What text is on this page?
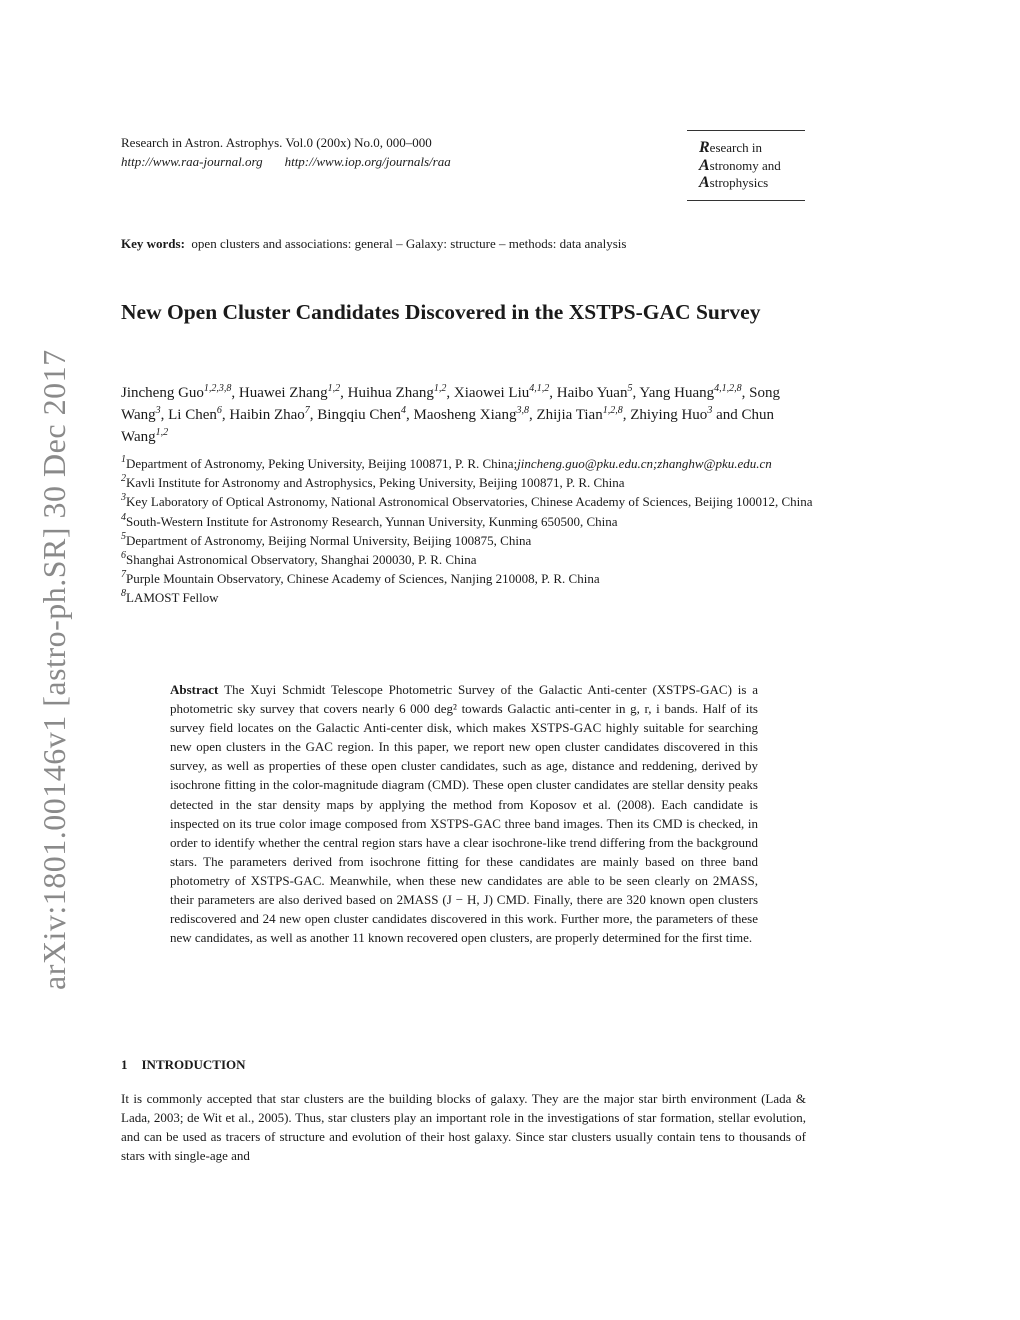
arXiv:1801.00146v1 [astro-ph.SR] 30 Dec 2017
Research in Astron. Astrophys. Vol.0 (200x) No.0, 000–000
http://www.raa-journal.org http://www.iop.org/journals/raa
Research in
Astronomy and
Astrophysics
Key words: open clusters and associations: general – Galaxy: structure – methods: data analysis
New Open Cluster Candidates Discovered in the XSTPS-GAC Survey
Jincheng Guo$^{1,2,3,8}$, Huawei Zhang$^{1,2}$, Huihua Zhang$^{1,2}$, Xiaowei Liu$^{4,1,2}$, Haibo Yuan$^5$, Yang Huang$^{4,1,2,8}$, Song Wang$^3$, Li Chen$^6$, Haibin Zhao$^7$, Bingqiu Chen$^4$, Maosheng Xiang$^{3,8}$, Zhijia Tian$^{1,2,8}$, Zhiying Huo$^3$ and Chun Wang$^{1,2}$
$^1$Department of Astronomy, Peking University, Beijing 100871, P. R. China;jincheng.guo@pku.edu.cn;zhanghw@pku.edu.cn
$^2$Kavli Institute for Astronomy and Astrophysics, Peking University, Beijing 100871, P. R. China
$^3$Key Laboratory of Optical Astronomy, National Astronomical Observatories, Chinese Academy of Sciences, Beijing 100012, China
$^4$South-Western Institute for Astronomy Research, Yunnan University, Kunming 650500, China
$^5$Department of Astronomy, Beijing Normal University, Beijing 100875, China
$^6$Shanghai Astronomical Observatory, Shanghai 200030, P. R. China
$^7$Purple Mountain Observatory, Chinese Academy of Sciences, Nanjing 210008, P. R. China
$^8$LAMOST Fellow
Abstract The Xuyi Schmidt Telescope Photometric Survey of the Galactic Anti-center (XSTPS-GAC) is a photometric sky survey that covers nearly 6 000 deg² towards Galactic anti-center in g, r, i bands. Half of its survey field locates on the Galactic Anti-center disk, which makes XSTPS-GAC highly suitable for searching new open clusters in the GAC region. In this paper, we report new open cluster candidates discovered in this survey, as well as properties of these open cluster candidates, such as age, distance and reddening, derived by isochrone fitting in the color-magnitude diagram (CMD). These open cluster candidates are stellar density peaks detected in the star density maps by applying the method from Koposov et al. (2008). Each candidate is inspected on its true color image composed from XSTPS-GAC three band images. Then its CMD is checked, in order to identify whether the central region stars have a clear isochrone-like trend differing from the background stars. The parameters derived from isochrone fitting for these candidates are mainly based on three band photometry of XSTPS-GAC. Meanwhile, when these new candidates are able to be seen clearly on 2MASS, their parameters are also derived based on 2MASS (J − H, J) CMD. Finally, there are 320 known open clusters rediscovered and 24 new open cluster candidates discovered in this work. Further more, the parameters of these new candidates, as well as another 11 known recovered open clusters, are properly determined for the first time.
1 INTRODUCTION
It is commonly accepted that star clusters are the building blocks of galaxy. They are the major star birth environment (Lada & Lada, 2003; de Wit et al., 2005). Thus, star clusters play an important role in the investigations of star formation, stellar evolution, and can be used as tracers of structure and evolution of their host galaxy. Since star clusters usually contain tens to thousands of stars with single-age and
